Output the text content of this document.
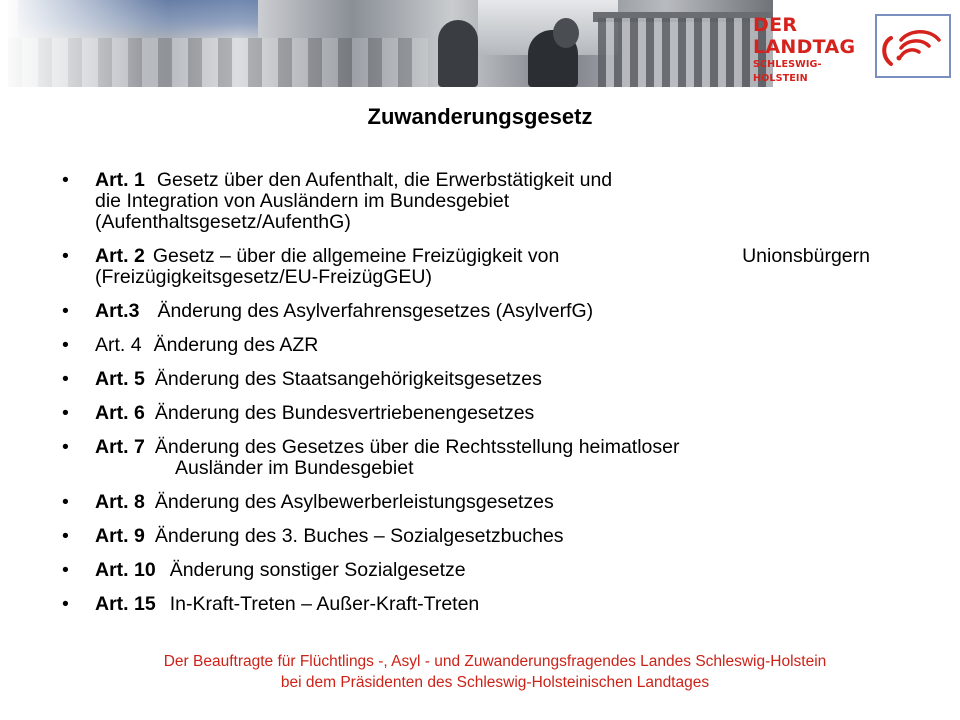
DER LANDTAG
SCHLESWIG-HOLSTEIN
Zuwanderungsgesetz
• Art. 1 Gesetz über den Aufenthalt, die Erwerbstätigkeit und
die Integration von Ausländern im Bundesgebiet
(Aufenthaltsgesetz/AufenthG)
• Art. 2 Gesetz – über die allgemeine Freizügigkeit von	Unionsbürgern
(Freizügigkeitsgesetz/EU-FreizügGEU)
• Art.3 Änderung des Asylverfahrensgesetzes (AsylverfG)
• Art. 4 Änderung des AZR
• Art. 5 Änderung des Staatsangehörigkeitsgesetzes
• Art. 6 Änderung des Bundesvertriebenengesetzes
• Art. 7 Änderung des Gesetzes über die Rechtsstellung heimatloser
Ausländer im Bundesgebiet
• Art. 8 Änderung des Asylbewerberleistungsgesetzes
• Art. 9 Änderung des 3. Buches – Sozialgesetzbuches
• Art. 10 Änderung sonstiger Sozialgesetze
• Art. 15 In-Kraft-Treten – Außer-Kraft-Treten
Der Beauftragte für Flüchtlings -, Asyl - und Zuwanderungsfragendes Landes Schleswig-Holstein
bei dem Präsidenten des Schleswig-Holsteinischen Landtages
